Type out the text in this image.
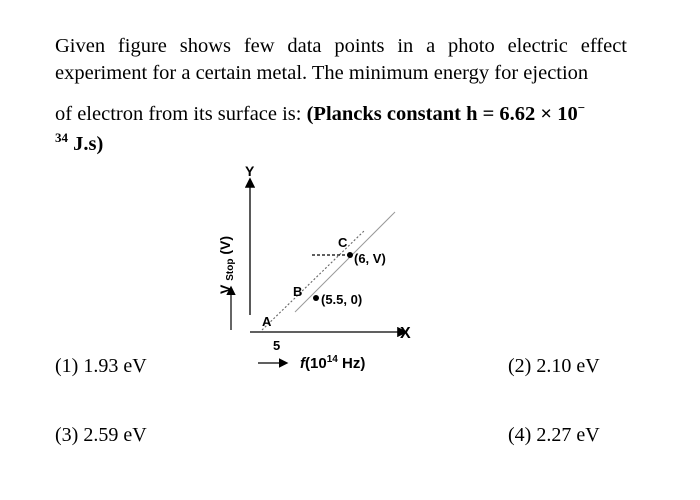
Given figure shows few data points in a photo electric effect
experiment for a certain metal. The minimum energy for ejection
of electron from its surface is: (Plancks constant h = 6.62 × 10−
$^{34}$ J.s)
Y
X
V $_{Stop}$ (V)
A
B
(5.5, 0)
C
(6, V)
5
$f(10^{14}$ Hz)
(1) 1.93 eV	(2) 2.10 eV
(3) 2.59 eV	(4) 2.27 eV
